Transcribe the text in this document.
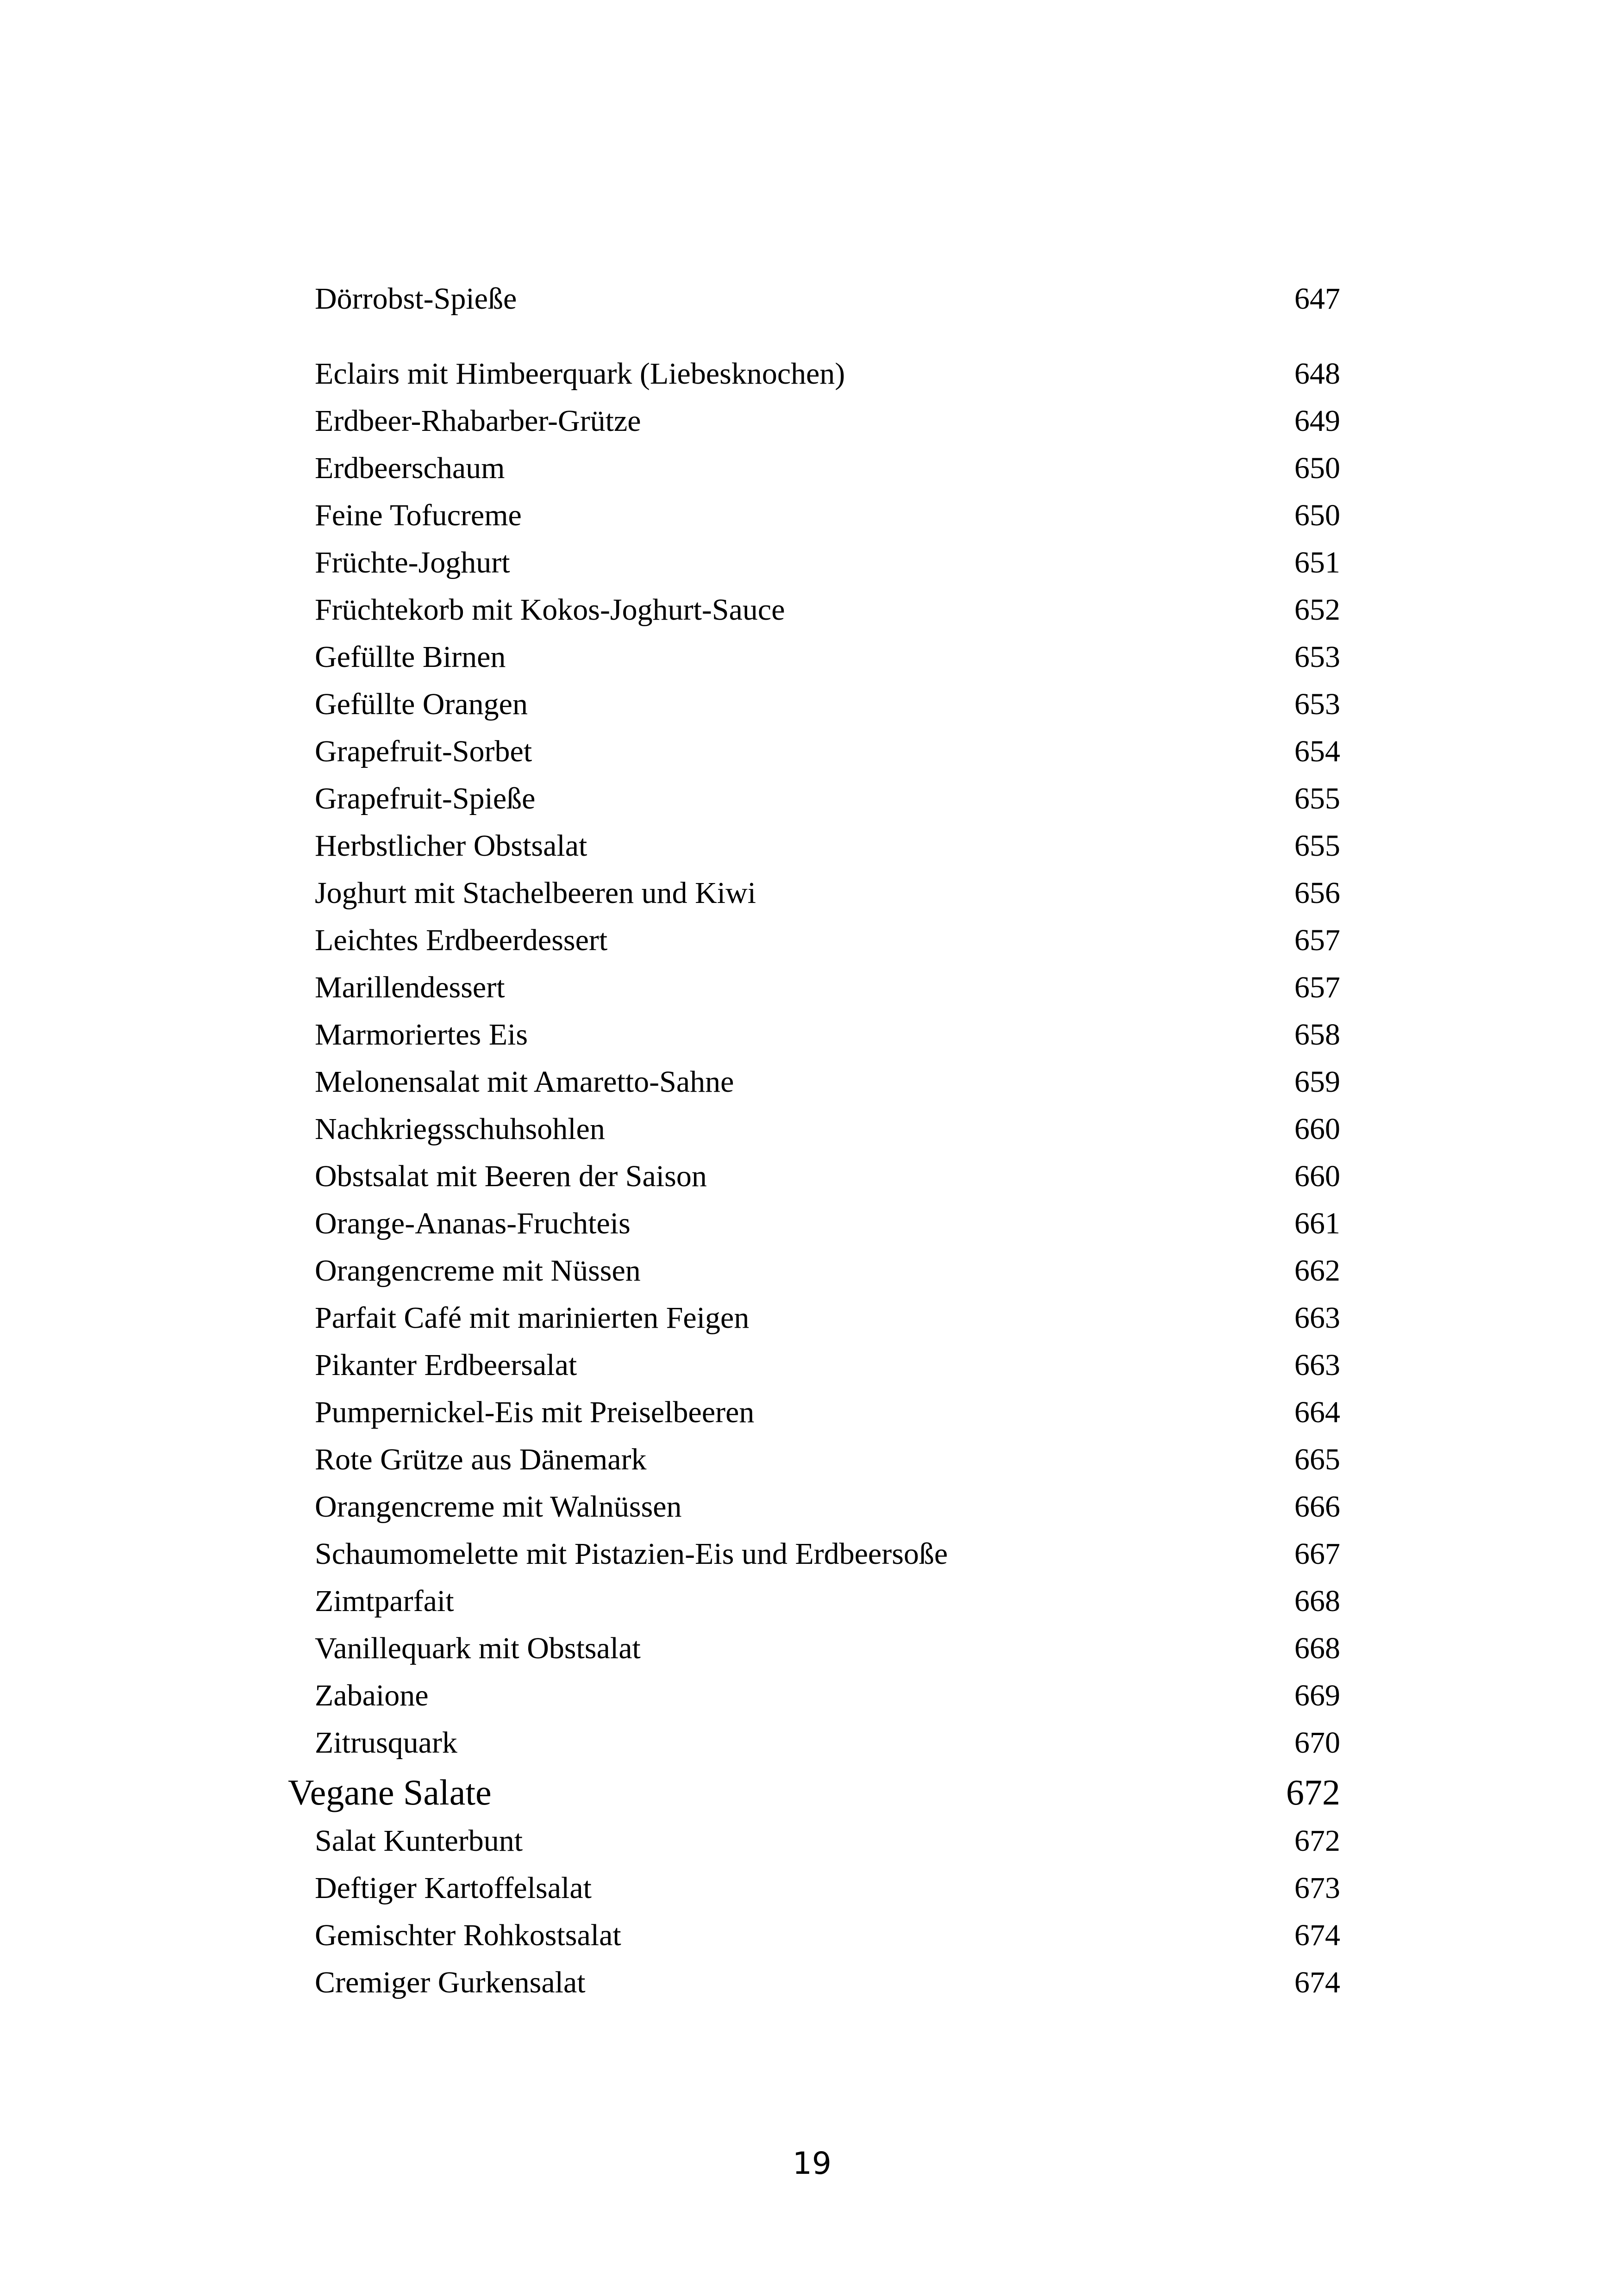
Dörrobst-Spieße	647
Eclairs mit Himbeerquark (Liebesknochen)	648
Erdbeer-Rhabarber-Grütze	649
Erdbeerschaum	650
Feine Tofucreme	650
Früchte-Joghurt	651
Früchtekorb mit Kokos-Joghurt-Sauce	652
Gefüllte Birnen	653
Gefüllte Orangen	653
Grapefruit-Sorbet	654
Grapefruit-Spieße	655
Herbstlicher Obstsalat	655
Joghurt mit Stachelbeeren und Kiwi	656
Leichtes Erdbeerdessert	657
Marillendessert	657
Marmoriertes Eis	658
Melonensalat mit Amaretto-Sahne	659
Nachkriegsschuhsohlen	660
Obstsalat mit Beeren der Saison	660
Orange-Ananas-Fruchteis	661
Orangencreme mit Nüssen	662
Parfait Café mit marinierten Feigen	663
Pikanter Erdbeersalat	663
Pumpernickel-Eis mit Preiselbeeren	664
Rote Grütze aus Dänemark	665
Orangencreme mit Walnüssen	666
Schaumomelette mit Pistazien-Eis und Erdbeersoße	667
Zimtparfait	668
Vanillequark mit Obstsalat	668
Zabaione	669
Zitrusquark	670
Vegane Salate	672
Salat Kunterbunt	672
Deftiger Kartoffelsalat	673
Gemischter Rohkostsalat	674
Cremiger Gurkensalat	674
19
